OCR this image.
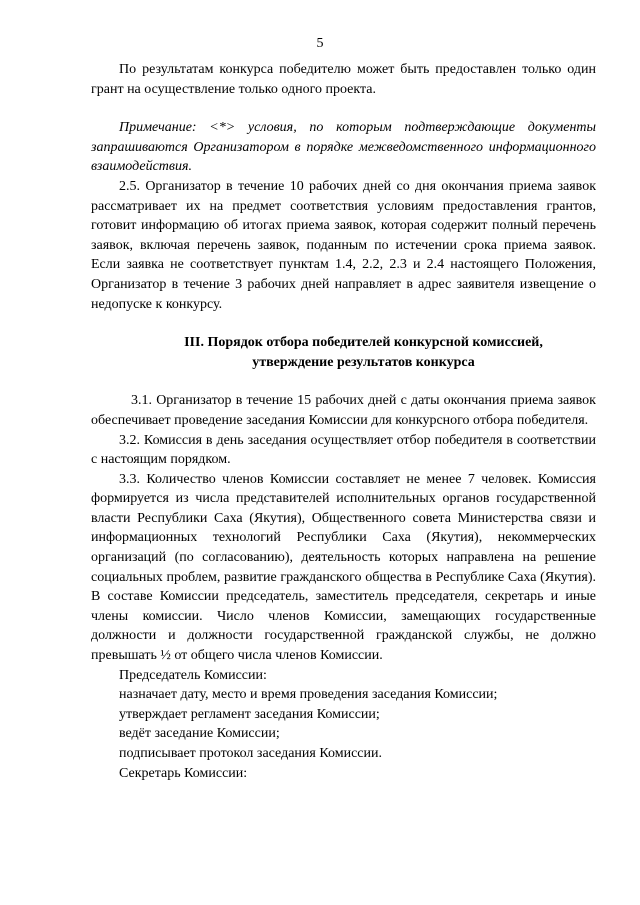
5

По результатам конкурса победителю может быть предоставлен только один грант на осуществление только одного проекта.

Примечание: <*> условия, по которым подтверждающие документы запрашиваются Организатором в порядке межведомственного информационного взаимодействия.

2.5. Организатор в течение 10 рабочих дней со дня окончания приема заявок рассматривает их на предмет соответствия условиям предоставления грантов, готовит информацию об итогах приема заявок, которая содержит полный перечень заявок, включая перечень заявок, поданным по истечении срока приема заявок. Если заявка не соответствует пунктам 1.4, 2.2, 2.3 и 2.4 настоящего Положения, Организатор в течение 3 рабочих дней направляет в адрес заявителя извещение о недопуске к конкурсу.

III. Порядок отбора победителей конкурсной комиссией,

утверждение результатов конкурса

3.1. Организатор в течение 15 рабочих дней с даты окончания приема заявок обеспечивает проведение заседания Комиссии для конкурсного отбора победителя.

3.2. Комиссия в день заседания осуществляет отбор победителя в соответствии с настоящим порядком.

3.3. Количество членов Комиссии составляет не менее 7 человек. Комиссия формируется из числа представителей исполнительных органов государственной власти Республики Саха (Якутия), Общественного совета Министерства связи и информационных технологий Республики Саха (Якутия), некоммерческих организаций (по согласованию), деятельность которых направлена на решение социальных проблем, развитие гражданского общества в Республике Саха (Якутия). В составе Комиссии председатель, заместитель председателя, секретарь и иные члены комиссии. Число членов Комиссии, замещающих государственные должности и должности государственной гражданской службы, не должно превышать ½ от общего числа членов Комиссии.

Председатель Комиссии:

назначает дату, место и время проведения заседания Комиссии;

утверждает регламент заседания Комиссии;

ведёт заседание Комиссии;

подписывает протокол заседания Комиссии.

Секретарь Комиссии:
